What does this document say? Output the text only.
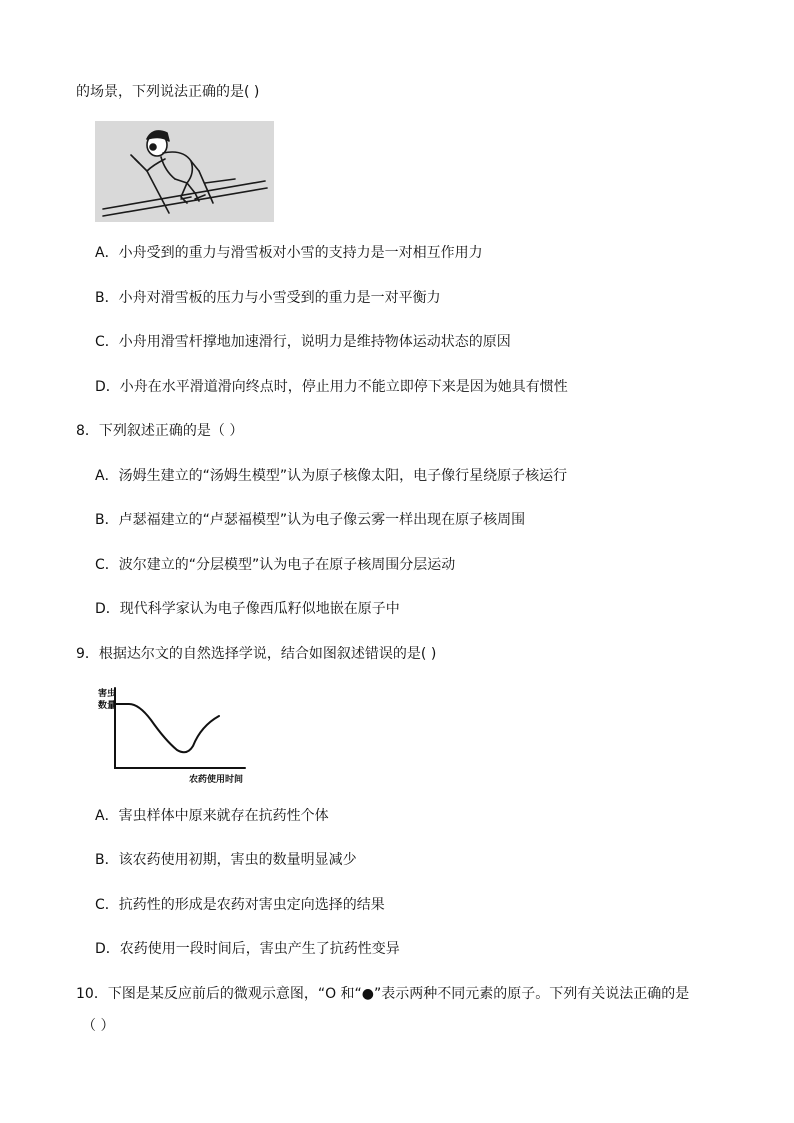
的场景，下列说法正确的是( )
A．小舟受到的重力与滑雪板对小雪的支持力是一对相互作用力
B．小舟对滑雪板的压力与小雪受到的重力是一对平衡力
C．小舟用滑雪杆撑地加速滑行，说明力是维持物体运动状态的原因
D．小舟在水平滑道滑向终点时，停止用力不能立即停下来是因为她具有惯性
8．下列叙述正确的是（ ）
A．汤姆生建立的“汤姆生模型”认为原子核像太阳，电子像行星绕原子核运行
B．卢瑟福建立的“卢瑟福模型”认为电子像云雾一样出现在原子核周围
C．波尔建立的“分层模型”认为电子在原子核周围分层运动
D．现代科学家认为电子像西瓜籽似地嵌在原子中
9．根据达尔文的自然选择学说，结合如图叙述错误的是( )
害虫
数量
农药使用时间
A．害虫样体中原来就存在抗药性个体
B．该农药使用初期，害虫的数量明显减少
C．抗药性的形成是农药对害虫定向选择的结果
D．农药使用一段时间后，害虫产生了抗药性变异
10．下图是某反应前后的微观示意图，“O 和“●”表示两种不同元素的原子。下列有关说法正确的是
（ ）
